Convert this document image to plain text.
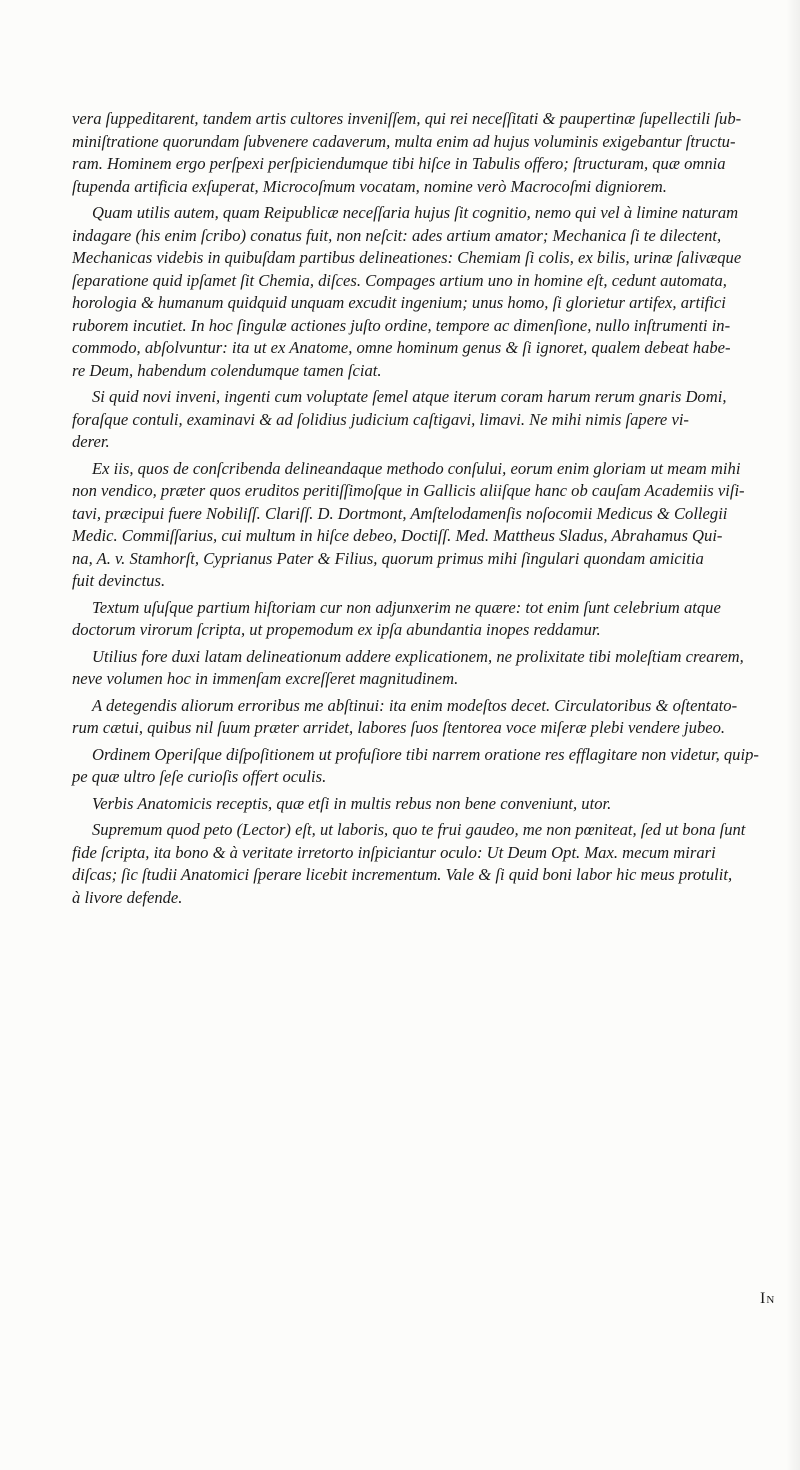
vera ſuppeditarent, tandem artis cultores inveniſſem, qui rei neceſſitati & paupertinæ ſupellectili ſub-
miniſtratione quorundam ſubvenere cadaverum, multa enim ad hujus voluminis exigebantur ſtructu-
ram. Hominem ergo perſpexi perſpiciendumque tibi hiſce in Tabulis offero; ſtructuram, quæ omnia
ſtupenda artificia exſuperat, Microcoſmum vocatam, nomine verò Macrocoſmi digniorem.
Quam utilis autem, quam Reipublicæ neceſſaria hujus ſit cognitio, nemo qui vel à limine naturam
indagare (his enim ſcribo) conatus fuit, non neſcit: ades artium amator; Mechanica ſi te dilectent,
Mechanicas videbis in quibuſdam partibus delineationes: Chemiam ſi colis, ex bilis, urinæ ſalivæque
ſeparatione quid ipſamet ſit Chemia, diſces. Compages artium uno in homine eſt, cedunt automata,
horologia & humanum quidquid unquam excudit ingenium; unus homo, ſi glorietur artifex, artifici
ruborem incutiet. In hoc ſingulæ actiones juſto ordine, tempore ac dimenſione, nullo inſtrumenti in-
commodo, abſolvuntur: ita ut ex Anatome, omne hominum genus & ſi ignoret, qualem debeat habe-
re Deum, habendum colendumque tamen ſciat.
Si quid novi inveni, ingenti cum voluptate ſemel atque iterum coram harum rerum gnaris Domi,
foraſque contuli, examinavi & ad ſolidius judicium caſtigavi, limavi. Ne mihi nimis ſapere vi-
derer.
Ex iis, quos de conſcribenda delineandaque methodo conſului, eorum enim gloriam ut meam mihi
non vendico, præter quos eruditos peritiſſimoſque in Gallicis aliiſque hanc ob cauſam Academiis viſi-
tavi, præcipui fuere Nobiliſſ. Clariſſ. D. Dortmont, Amſtelodamenſis noſocomii Medicus & Collegii
Medic. Commiſſarius, cui multum in hiſce debeo, Doctiſſ. Med. Mattheus Sladus, Abrahamus Qui-
na, A. v. Stamhorſt, Cyprianus Pater & Filius, quorum primus mihi ſingulari quondam amicitia
fuit devinctus.
Textum uſuſque partium hiſtoriam cur non adjunxerim ne quære: tot enim ſunt celebrium atque
doctorum virorum ſcripta, ut propemodum ex ipſa abundantia inopes reddamur.
Utilius fore duxi latam delineationum addere explicationem, ne prolixitate tibi moleſtiam crearem,
neve volumen hoc in immenſam excreſſeret magnitudinem.
A detegendis aliorum erroribus me abſtinui: ita enim modeſtos decet. Circulatoribus & oſtentato-
rum cætui, quibus nil ſuum præter arridet, labores ſuos ſtentorea voce miſeræ plebi vendere jubeo.
Ordinem Operiſque diſpoſitionem ut profuſiore tibi narrem oratione res efflagitare non videtur, quip-
pe quæ ultro ſeſe curioſis offert oculis.
Verbis Anatomicis receptis, quæ etſi in multis rebus non bene conveniunt, utor.
Supremum quod peto (Lector) eſt, ut laboris, quo te frui gaudeo, me non pœniteat, ſed ut bona ſunt
fide ſcripta, ita bono & à veritate irretorto inſpiciantur oculo: Ut Deum Opt. Max. mecum mirari
diſcas; ſic ſtudii Anatomici ſperare licebit incrementum. Vale & ſi quid boni labor hic meus protulit,
à livore defende.
In
